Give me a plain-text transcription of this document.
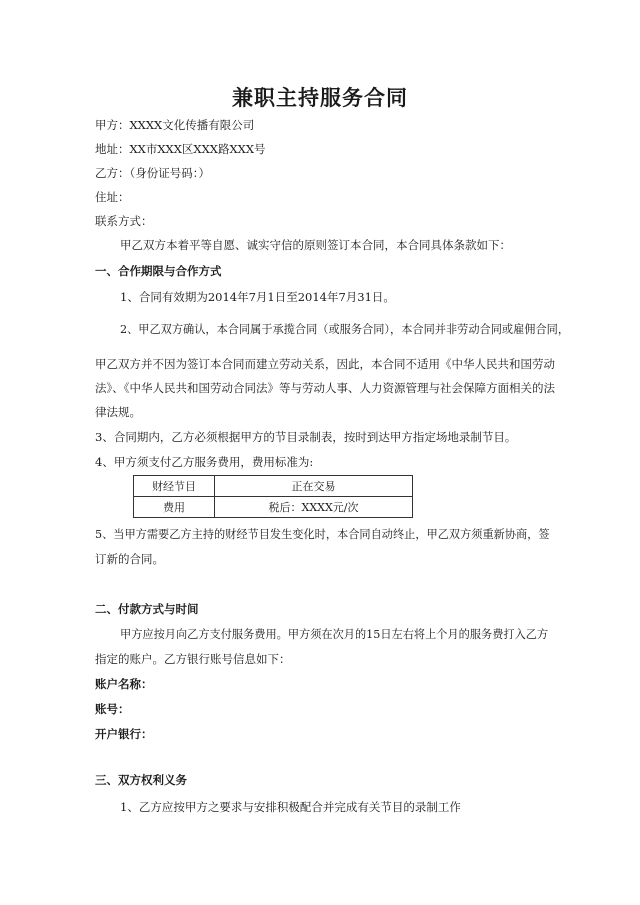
兼职主持服务合同
甲方：XXXX文化传播有限公司
地址：XX市XXX区XXX路XXX号
乙方：（身份证号码：）
住址：
联系方式：
甲乙双方本着平等自愿、诚实守信的原则签订本合同，本合同具体条款如下：
一、合作期限与合作方式
1、合同有效期为2014年7月1日至2014年7月31日。
2、甲乙双方确认，本合同属于承揽合同（或服务合同），本合同并非劳动合同或雇佣合同，
甲乙双方并不因为签订本合同而建立劳动关系，因此，本合同不适用《中华人民共和国劳动
法》、《中华人民共和国劳动合同法》等与劳动人事、人力资源管理与社会保障方面相关的法
律法规。
3、合同期内，乙方必须根据甲方的节目录制表，按时到达甲方指定场地录制节目。
4、甲方须支付乙方服务费用，费用标准为:
财经节目	正在交易
费用	税后：XXXX元/次
5、当甲方需要乙方主持的财经节目发生变化时，本合同自动终止，甲乙双方须重新协商，签
订新的合同。
二、付款方式与时间
甲方应按月向乙方支付服务费用。甲方须在次月的15日左右将上个月的服务费打入乙方
指定的账户。乙方银行账号信息如下：
账户名称：
账号：
开户银行：
三、双方权利义务
1、乙方应按甲方之要求与安排积极配合并完成有关节目的录制工作
